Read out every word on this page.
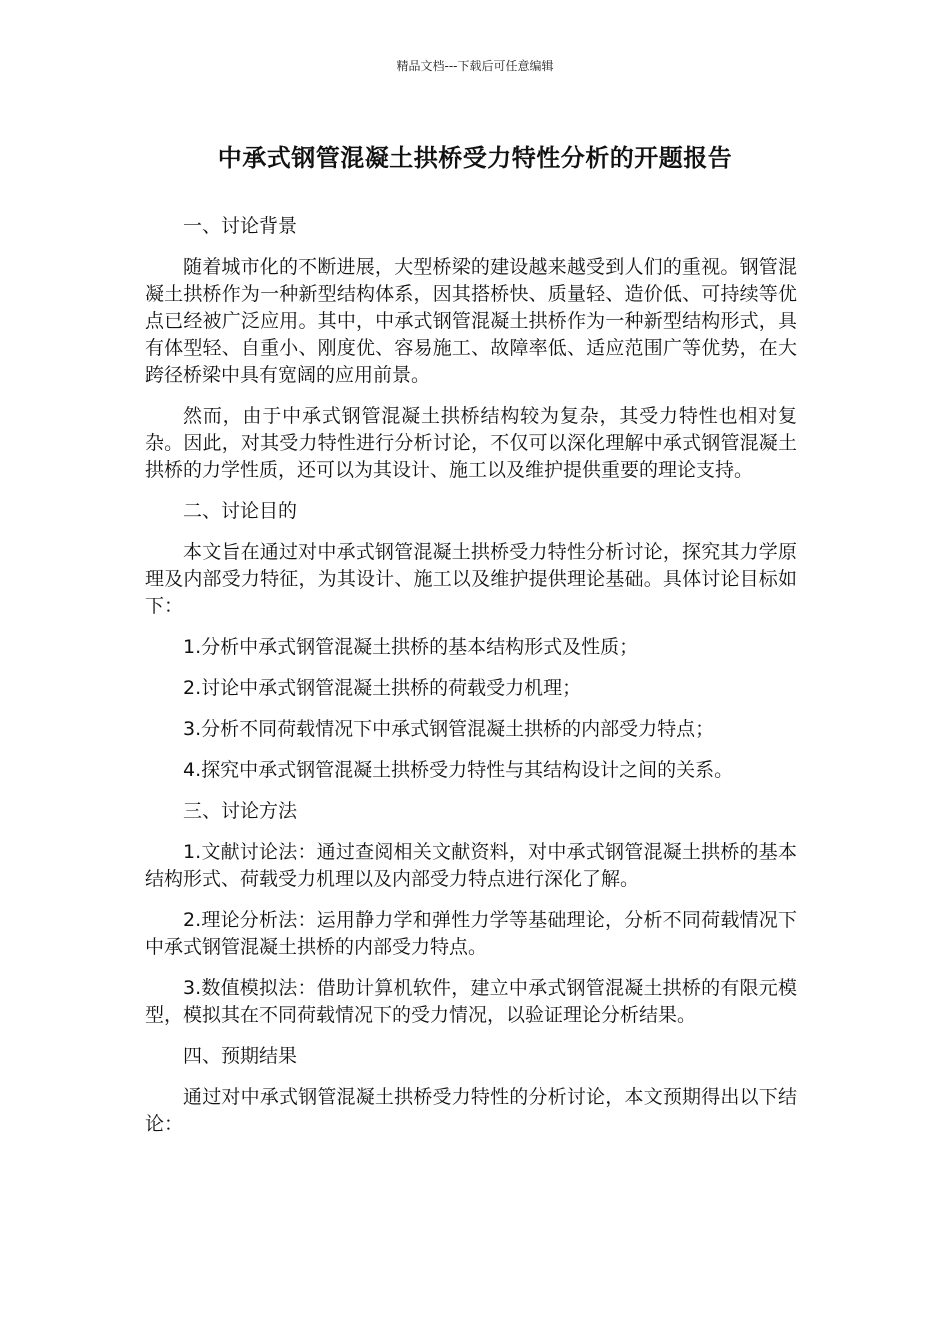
精品文档---下载后可任意编辑
中承式钢管混凝土拱桥受力特性分析的开题报告

一、讨论背景

随着城市化的不断进展，大型桥梁的建设越来越受到人们的重视。钢管混凝土拱桥作为一种新型结构体系，因其搭桥快、质量轻、造价低、可持续等优点已经被广泛应用。其中，中承式钢管混凝土拱桥作为一种新型结构形式，具有体型轻、自重小、刚度优、容易施工、故障率低、适应范围广等优势，在大跨径桥梁中具有宽阔的应用前景。

然而，由于中承式钢管混凝土拱桥结构较为复杂，其受力特性也相对复杂。因此，对其受力特性进行分析讨论，不仅可以深化理解中承式钢管混凝土拱桥的力学性质，还可以为其设计、施工以及维护提供重要的理论支持。

二、讨论目的

本文旨在通过对中承式钢管混凝土拱桥受力特性分析讨论，探究其力学原理及内部受力特征，为其设计、施工以及维护提供理论基础。具体讨论目标如下：

1.分析中承式钢管混凝土拱桥的基本结构形式及性质；

2.讨论中承式钢管混凝土拱桥的荷载受力机理；

3.分析不同荷载情况下中承式钢管混凝土拱桥的内部受力特点；

4.探究中承式钢管混凝土拱桥受力特性与其结构设计之间的关系。

三、讨论方法

1.文献讨论法：通过查阅相关文献资料，对中承式钢管混凝土拱桥的基本结构形式、荷载受力机理以及内部受力特点进行深化了解。

2.理论分析法：运用静力学和弹性力学等基础理论，分析不同荷载情况下中承式钢管混凝土拱桥的内部受力特点。

3.数值模拟法：借助计算机软件，建立中承式钢管混凝土拱桥的有限元模型，模拟其在不同荷载情况下的受力情况，以验证理论分析结果。

四、预期结果

通过对中承式钢管混凝土拱桥受力特性的分析讨论，本文预期得出以下结论：
